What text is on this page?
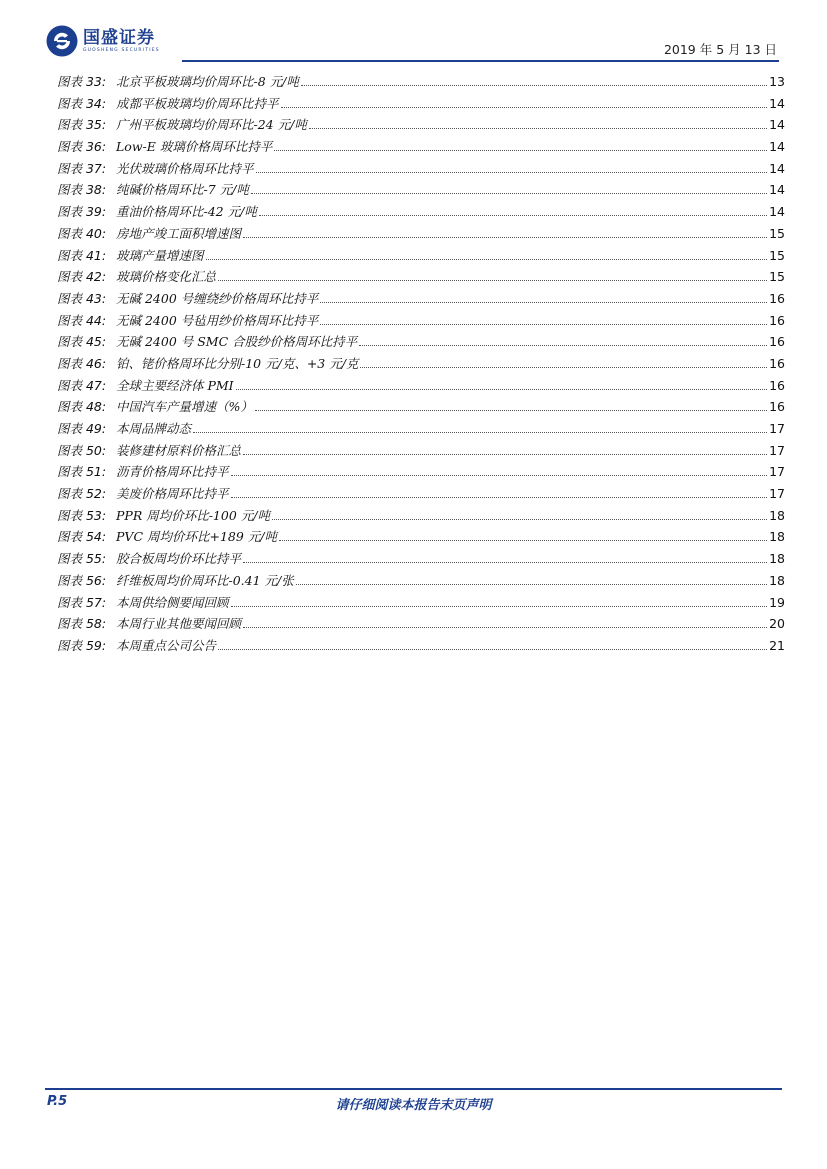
国盛证券
GUOSHENG SECURITIES	2019 年 5 月 13 日
图表 33: 北京平板玻璃均价周环比-8 元/吨	13
图表 34: 成都平板玻璃均价周环比持平	14
图表 35: 广州平板玻璃均价周环比-24 元/吨	14
图表 36: Low-E 玻璃价格周环比持平	14
图表 37: 光伏玻璃价格周环比持平	14
图表 38: 纯碱价格周环比-7 元/吨	14
图表 39: 重油价格周环比-42 元/吨	14
图表 40: 房地产竣工面积增速图	15
图表 41: 玻璃产量增速图	15
图表 42: 玻璃价格变化汇总	15
图表 43: 无碱 2400 号缠绕纱价格周环比持平	16
图表 44: 无碱 2400 号毡用纱价格周环比持平	16
图表 45: 无碱 2400 号 SMC 合股纱价格周环比持平	16
图表 46: 铂、铑价格周环比分别-10 元/克、+3 元/克	16
图表 47: 全球主要经济体 PMI	16
图表 48: 中国汽车产量增速（%）	16
图表 49: 本周品牌动态	17
图表 50: 装修建材原料价格汇总	17
图表 51: 沥青价格周环比持平	17
图表 52: 美废价格周环比持平	17
图表 53: PPR 周均价环比-100 元/吨	18
图表 54: PVC 周均价环比+189 元/吨	18
图表 55: 胶合板周均价环比持平	18
图表 56: 纤维板周均价周环比-0.41 元/张	18
图表 57: 本周供给侧要闻回顾	19
图表 58: 本周行业其他要闻回顾	20
图表 59: 本周重点公司公告	21
P.5	请仔细阅读本报告末页声明
